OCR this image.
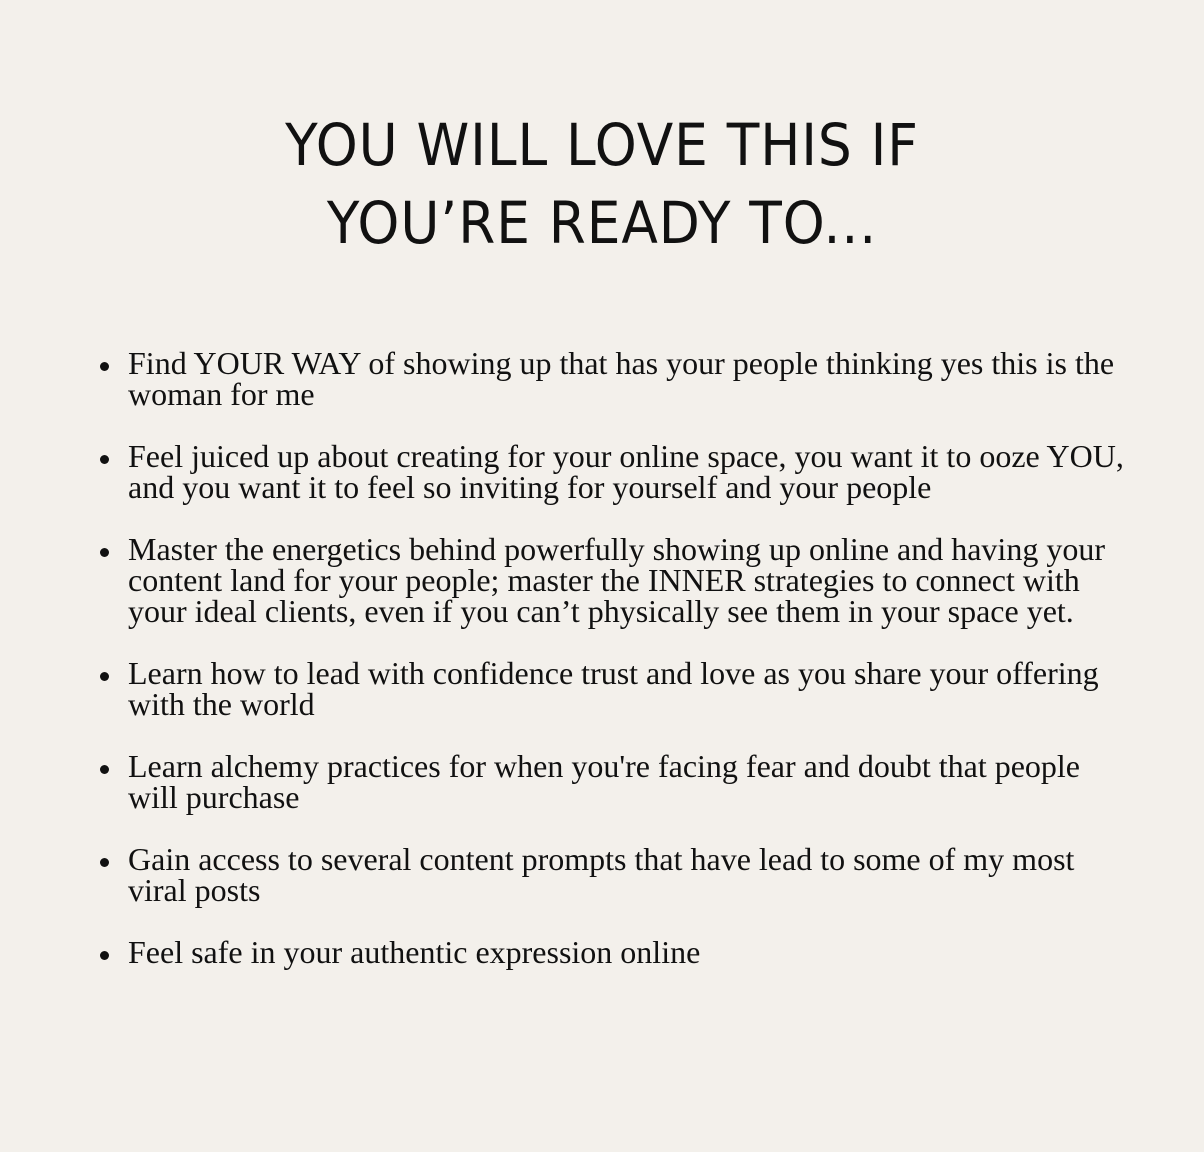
YOU WILL LOVE THIS IF
YOU’RE READY TO...
Find YOUR WAY of showing up that has your people thinking yes this is the woman for me
Feel juiced up about creating for your online space, you want it to ooze YOU, and you want it to feel so inviting for yourself and your people
Master the energetics behind powerfully showing up online and having your content land for your people; master the INNER strategies to connect with your ideal clients, even if you can’t physically see them in your space yet.
Learn how to lead with confidence trust and love as you share your offering with the world
Learn alchemy practices for when you're facing fear and doubt that people will purchase
Gain access to several content prompts that have lead to some of my most viral posts
Feel safe in your authentic expression online
